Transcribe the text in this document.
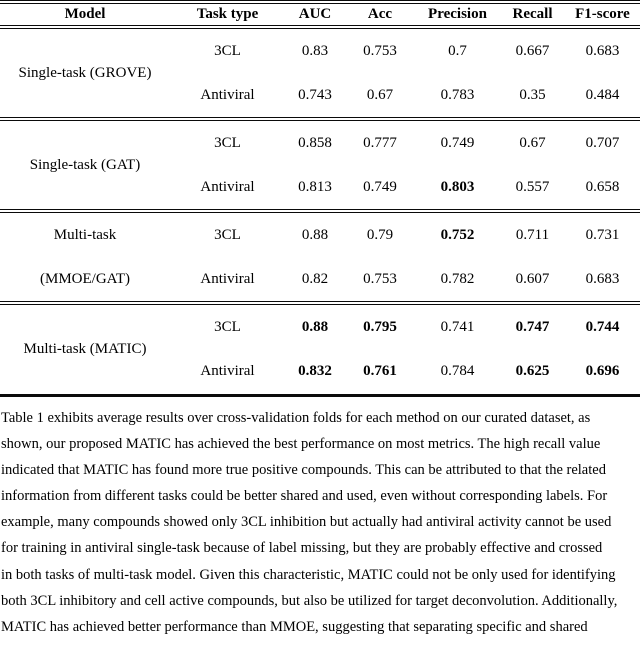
Model	Task type	AUC	Acc	Precision	Recall	F1-score
Single-task (GROVE)	3CL	0.83	0.753	0.7	0.667	0.683
	Antiviral	0.743	0.67	0.783	0.35	0.484
Single-task (GAT)	3CL	0.858	0.777	0.749	0.67	0.707
	Antiviral	0.813	0.749	0.803	0.557	0.658
Multi-task	3CL	0.88	0.79	0.752	0.711	0.731
(MMOE/GAT)	Antiviral	0.82	0.753	0.782	0.607	0.683
Multi-task (MATIC)	3CL	0.88	0.795	0.741	0.747	0.744
	Antiviral	0.832	0.761	0.784	0.625	0.696
Table 1 exhibits average results over cross-validation folds for each method on our curated dataset, as
shown, our proposed MATIC has achieved the best performance on most metrics. The high recall value
indicated that MATIC has found more true positive compounds. This can be attributed to that the related
information from different tasks could be better shared and used, even without corresponding labels. For
example, many compounds showed only 3CL inhibition but actually had antiviral activity cannot be used
for training in antiviral single-task because of label missing, but they are probably effective and crossed
in both tasks of multi-task model. Given this characteristic, MATIC could not be only used for identifying
both 3CL inhibitory and cell active compounds, but also be utilized for target deconvolution. Additionally,
MATIC has achieved better performance than MMOE, suggesting that separating specific and shared
